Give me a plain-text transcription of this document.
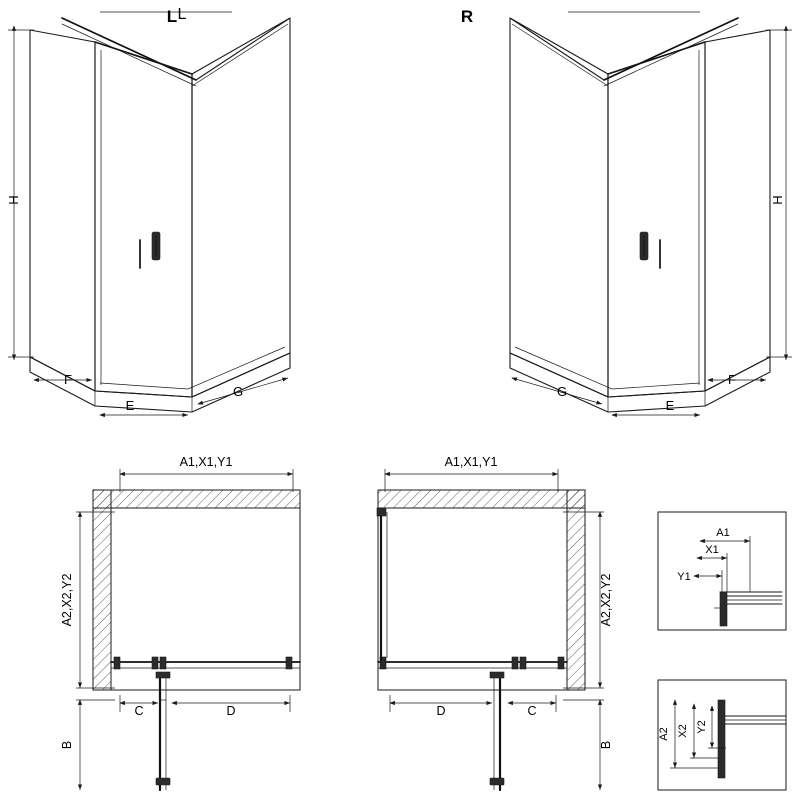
L
L	R
H
F
E
G
H
F
E
G
A1,X1,Y1
A2,X2,Y2
B
C	D
A1,X1,Y1
A2,X2,Y2
B
D	C
A1
X1
Y1
A2 X2 Y2
